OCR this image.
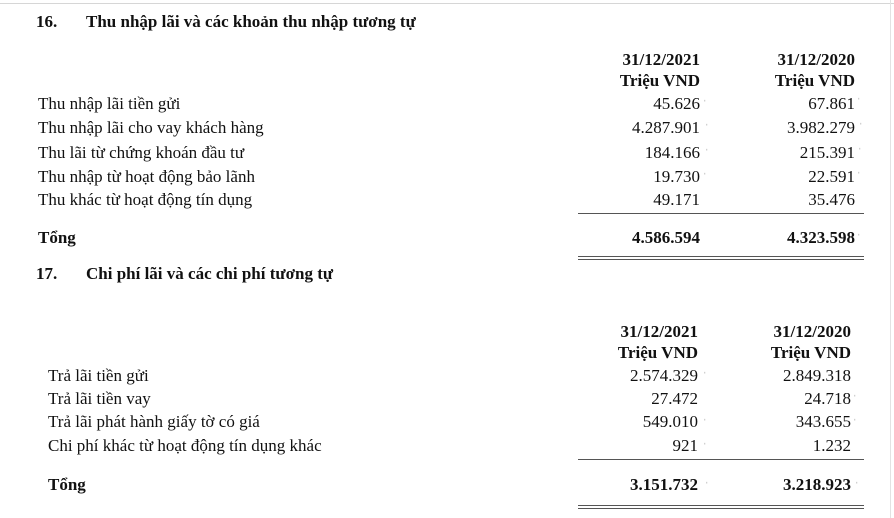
16. Thu nhập lãi và các khoản thu nhập tương tự
31/12/2021
Triệu VND
31/12/2020
Triệu VND
Thu nhập lãi tiền gửi	45.626	67.861
Thu nhập lãi cho vay khách hàng	4.287.901	3.982.279
Thu lãi từ chứng khoán đầu tư	184.166	215.391
Thu nhập từ hoạt động bảo lãnh	19.730	22.591
Thu khác từ hoạt động tín dụng	49.171	35.476
Tổng	4.586.594	4.323.598
17. Chi phí lãi và các chi phí tương tự
31/12/2021
Triệu VND
31/12/2020
Triệu VND
Trả lãi tiền gửi	2.574.329	2.849.318
Trả lãi tiền vay	27.472	24.718
Trả lãi phát hành giấy tờ có giá	549.010	343.655
Chi phí khác từ hoạt động tín dụng khác	921	1.232
Tổng	3.151.732	3.218.923
ˈ	ˈ
ˈ	ˈ
ˈ	ˈ
ˈ	ˈ
ˈ
ˈ
ˈ
ˈ	ˈ
ˈ
ˈ	ˈ
